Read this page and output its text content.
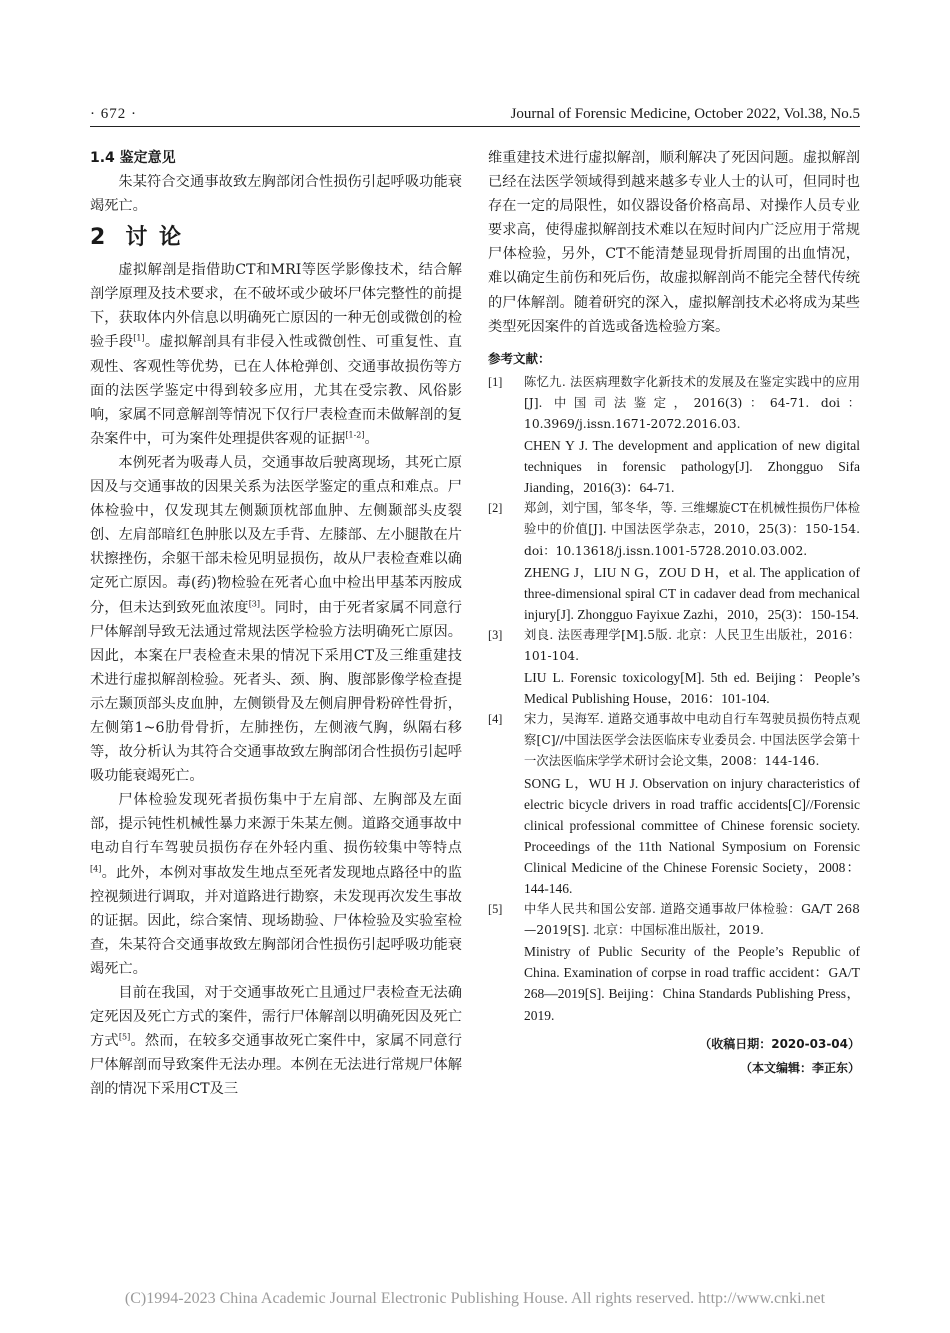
· 672 ·	Journal of Forensic Medicine, October 2022, Vol.38, No.5

1.4 鉴定意见

朱某符合交通事故致左胸部闭合性损伤引起呼吸功能衰竭死亡。

2 讨 论

虚拟解剖是指借助CT和MRI等医学影像技术，结合解剖学原理及技术要求，在不破坏或少破坏尸体完整性的前提下，获取体内外信息以明确死亡原因的一种无创或微创的检验手段[1]。虚拟解剖具有非侵入性或微创性、可重复性、直观性、客观性等优势，已在人体枪弹创、交通事故损伤等方面的法医学鉴定中得到较多应用，尤其在受宗教、风俗影响，家属不同意解剖等情况下仅行尸表检查而未做解剖的复杂案件中，可为案件处理提供客观的证据[1-2]。

本例死者为吸毒人员，交通事故后驶离现场，其死亡原因及与交通事故的因果关系为法医学鉴定的重点和难点。尸体检验中，仅发现其左侧颞顶枕部血肿、左侧颞部头皮裂创、左肩部暗红色肿胀以及左手背、左膝部、左小腿散在片状擦挫伤，余躯干部未检见明显损伤，故从尸表检查难以确定死亡原因。毒(药)物检验在死者心血中检出甲基苯丙胺成分，但未达到致死血浓度[3]。同时，由于死者家属不同意行尸体解剖导致无法通过常规法医学检验方法明确死亡原因。因此，本案在尸表检查未果的情况下采用CT及三维重建技术进行虚拟解剖检验。死者头、颈、胸、腹部影像学检查提示左颞顶部头皮血肿，左侧锁骨及左侧肩胛骨粉碎性骨折，左侧第1~6肋骨骨折，左肺挫伤，左侧液气胸，纵隔右移等，故分析认为其符合交通事故致左胸部闭合性损伤引起呼吸功能衰竭死亡。

尸体检验发现死者损伤集中于左肩部、左胸部及左面部，提示钝性机械性暴力来源于朱某左侧。道路交通事故中电动自行车驾驶员损伤存在外轻内重、损伤较集中等特点[4]。此外，本例对事故发生地点至死者发现地点路径中的监控视频进行调取，并对道路进行勘察，未发现再次发生事故的证据。因此，综合案情、现场勘验、尸体检验及实验室检查，朱某符合交通事故致左胸部闭合性损伤引起呼吸功能衰竭死亡。

目前在我国，对于交通事故死亡且通过尸表检查无法确定死因及死亡方式的案件，需行尸体解剖以明确死因及死亡方式[5]。然而，在较多交通事故死亡案件中，家属不同意行尸体解剖而导致案件无法办理。本例在无法进行常规尸体解剖的情况下采用CT及三

维重建技术进行虚拟解剖，顺利解决了死因问题。虚拟解剖已经在法医学领域得到越来越多专业人士的认可，但同时也存在一定的局限性，如仪器设备价格高昂、对操作人员专业要求高，使得虚拟解剖技术难以在短时间内广泛应用于常规尸体检验，另外，CT不能清楚显现骨折周围的出血情况，难以确定生前伤和死后伤，故虚拟解剖尚不能完全替代传统的尸体解剖。随着研究的深入，虚拟解剖技术必将成为某些类型死因案件的首选或备选检验方案。

参考文献：

[1] 陈忆九. 法医病理数字化新技术的发展及在鉴定实践中的应用[J]. 中国司法鉴定，2016(3)：64-71. doi：10.3969/j.issn.1671-2072.2016.03.
CHEN Y J. The development and application of new digital techniques in forensic pathology[J]. Zhongguo Sifa Jianding，2016(3)：64-71.

[2] 郑剑，刘宁国，邹冬华，等. 三维螺旋CT在机械性损伤尸体检验中的价值[J]. 中国法医学杂志，2010，25(3)：150-154. doi：10.13618/j.issn.1001-5728.2010.03.002.
ZHENG J，LIU N G，ZOU D H，et al. The application of three-dimensional spiral CT in cadaver dead from mechanical injury[J]. Zhongguo Fayixue Zazhi，2010，25(3)：150-154.

[3] 刘良. 法医毒理学[M].5版. 北京：人民卫生出版社，2016：101-104.
LIU L. Forensic toxicology[M]. 5th ed. Beijing：People’s Medical Publishing House，2016：101-104.

[4] 宋力，吴海军. 道路交通事故中电动自行车驾驶员损伤特点观察[C]//中国法医学会法医临床专业委员会. 中国法医学会第十一次法医临床学学术研讨会论文集，2008：144-146.
SONG L，WU H J. Observation on injury characteristics of electric bicycle drivers in road traffic accidents[C]//Forensic clinical professional committee of Chinese forensic society. Proceedings of the 11th National Symposium on Forensic Clinical Medicine of the Chinese Forensic Society，2008：144-146.

[5] 中华人民共和国公安部. 道路交通事故尸体检验：GA/T 268—2019[S]. 北京：中国标准出版社，2019.
Ministry of Public Security of the People’s Republic of China. Examination of corpse in road traffic accident：GA/T 268—2019[S]. Beijing：China Standards Publishing Press，2019.

（收稿日期：2020-03-04）

（本文编辑：李正东）

(C)1994-2023 China Academic Journal Electronic Publishing House. All rights reserved. http://www.cnki.net
